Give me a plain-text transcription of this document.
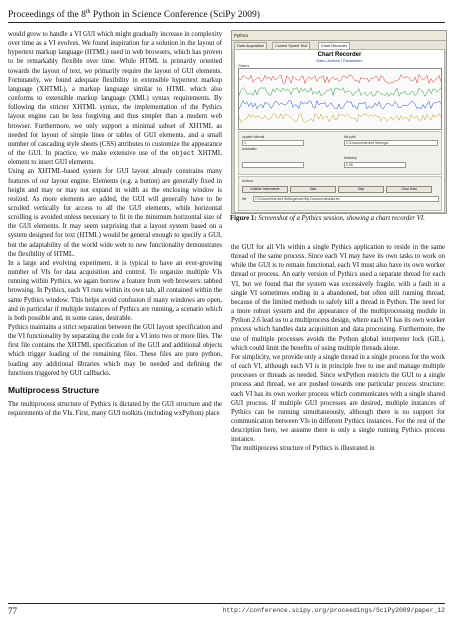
Proceedings of the 8th Python in Science Conference (SciPy 2009)

would grow to handle a VI GUI which might gradually increase in complexity over time as a VI evolves. We found inspiration for a solution in the layout of hypertext markup language (HTML) used in web browsers, which has proven to be remarkably flexible over time. While HTML is primarily oriented towards the layout of text, we primarily require the layout of GUI elements. Fortunately, we found adequate flexibility in extensible hypertext markup language (XHTML), a markup language similar to HTML which also conforms to extensible markup language (XML) syntax requirements. By following the stricter XHTML syntax, the implementation of the Pythics layout engine can be less forgiving and thus simpler than a modern web browser. Furthermore, we only support a minimal subset of XHTML as needed for layout of simple lines or tables of GUI elements, and a small number of cascading style sheets (CSS) attributes to customize the appearance of the GUI. In practice, we make extensive use of the object XHTML element to insert GUI elements.

Using an XHTML-based system for GUI layout already constrains many features of our layout engine. Elements (e.g. a button) are generally fixed in height and may or may not expand in width as the enclosing window is resized. As more elements are added, the GUI will generally have to be scrolled vertically for access to all the GUI elements, while horizontal scrolling is avoided unless necessary to fit in the minimum horizontal size of the GUI elements. It may seem surprising that a layout system based on a system designed for text (HTML) would be general enough to specify a GUI, but the adaptability of the world wide web to new functionality demonstrates the flexibility of HTML.

In a large and evolving experiment, it is typical to have an ever-growing number of VIs for data acquisition and control. To organize multiple VIs running within Pythics, we again borrow a feature from web browsers: tabbed browsing. In Pythics, each VI runs within its own tab, all contained within the same Pythics window. This helps avoid confusion if many windows are open, and in particular if multiple instances of Pythics are running, a scenario which is both possible and, in some cases, desirable.

Pythics maintains a strict separation between the GUI layout specification and the VI functionality by separating the code for a VI into two or more files. The first file contains the XHTML specification of the GUI and additional objects which trigger loading of the remaining files. These files are pure python, loading any additional libraries which may be needed and defining the functions triggered by GUI callbacks.

Multiprocess Structure

The multiprocess structure of Pythics is dictated by the GUI structure and the requirements of the VIs. First, many GUI toolkits (including wxPython) place

Pythics
Data Acquisition	Control Speed Test	Chart Recorder
Chart Recorder
Data | Actions | Parameters
Status
update interval
1
automatic
file path
C:\Documents and Settings\..
timestep
0.05
Actions
Initialize Instruments	Start	Stop	Clear Data
file	C:\Documents and Settings\user\My Documents\data.txt
Figure 1: Screenshot of a Pythics session, showing a chart recorder VI.

the GUI for all VIs within a single Pythics application to reside in the same thread of the same process. Since each VI may have its own tasks to work on while the GUI is to remain functional, each VI must also have its own worker thread or process. An early version of Pythics used a separate thread for each VI, but we found that the system was excessively fragile, with a fault in a single VI sometimes ending in a abandoned, but often still running thread, because of the limited methods to safely kill a thread in Python. The need for a more robust system and the appearance of the multiprocessing module in Python 2.6 lead us to a multiprocess design, where each VI has its own worker process which handles data acquisition and data processing. Furthermore, the use of multiple processes avoids the Python global interpreter lock (GIL), which could limit the benefits of using multiple threads alone.

For simplicity, we provide only a single thread in a single process for the work of each VI, although each VI is in principle free to use and manage multiple processes or threads as needed. Since wxPython restricts the GUI to a single process and thread, we are pushed towards one particular process structure: each VI has its own worker process which communicates with a single shared GUI process. If multiple GUI processes are desired, multiple instances of Pythics can be running simultaneously, although there is no support for communication between VIs in different Pythics instances. For the rest of the description here, we assume there is only a single running Pythics process instance.

The multiprocess structure of Pythics is illustrated in

77	http://conference.scipy.org/proceedings/SciPy2009/paper_12
